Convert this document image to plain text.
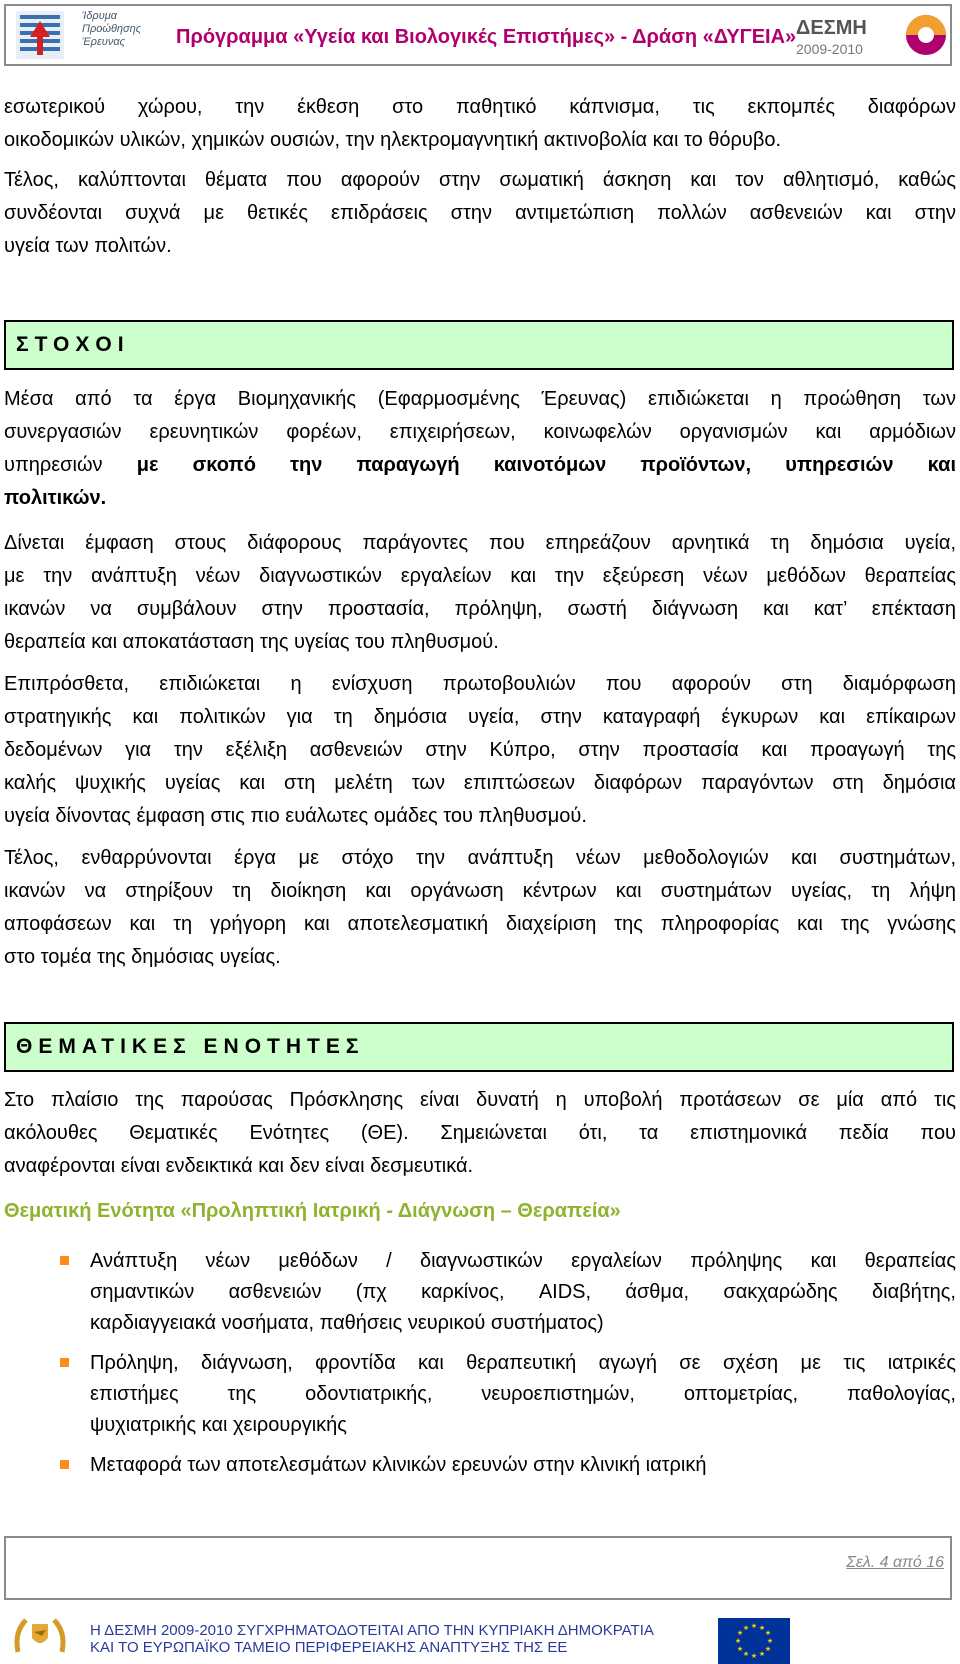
Ίδρυμα
Προώθησης
Έρευνας	Πρόγραμμα «Υγεία και Βιολογικές Επιστήμες» - Δράση «ΔΥΓΕΙΑ» ΔΕΣΜΗ
2009-2010
εσωτερικού χώρου, την έκθεση στο παθητικό κάπνισμα, τις εκπομπές διαφόρων
οικοδομικών υλικών, χημικών ουσιών, την ηλεκτρομαγνητική ακτινοβολία και το θόρυβο.
Τέλος, καλύπτονται θέματα που αφορούν στην σωματική άσκηση και τον αθλητισμό, καθώς
συνδέονται συχνά με θετικές επιδράσεις στην αντιμετώπιση πολλών ασθενειών και στην
υγεία των πολιτών.
ΣΤΟΧΟΙ
Μέσα από τα έργα Βιομηχανικής (Εφαρμοσμένης Έρευνας) επιδιώκεται η προώθηση των
συνεργασιών ερευνητικών φορέων, επιχειρήσεων, κοινωφελών οργανισμών και αρμόδιων
υπηρεσιών με σκοπό την παραγωγή καινοτόμων προϊόντων, υπηρεσιών και
πολιτικών.
Δίνεται έμφαση στους διάφορους παράγοντες που επηρεάζουν αρνητικά τη δημόσια υγεία,
με την ανάπτυξη νέων διαγνωστικών εργαλείων και την εξεύρεση νέων μεθόδων θεραπείας
ικανών να συμβάλουν στην προστασία, πρόληψη, σωστή διάγνωση και κατ’ επέκταση
θεραπεία και αποκατάσταση της υγείας του πληθυσμού.
Επιπρόσθετα, επιδιώκεται η ενίσχυση πρωτοβουλιών που αφορούν στη διαμόρφωση
στρατηγικής και πολιτικών για τη δημόσια υγεία, στην καταγραφή έγκυρων και επίκαιρων
δεδομένων για την εξέλιξη ασθενειών στην Κύπρο, στην προστασία και προαγωγή της
καλής ψυχικής υγείας και στη μελέτη των επιπτώσεων διαφόρων παραγόντων στη δημόσια
υγεία δίνοντας έμφαση στις πιο ευάλωτες ομάδες του πληθυσμού.
Τέλος, ενθαρρύνονται έργα με στόχο την ανάπτυξη νέων μεθοδολογιών και συστημάτων,
ικανών να στηρίξουν τη διοίκηση και οργάνωση κέντρων και συστημάτων υγείας, τη λήψη
αποφάσεων και τη γρήγορη και αποτελεσματική διαχείριση της πληροφορίας και της γνώσης
στο τομέα της δημόσιας υγείας.
ΘΕΜΑΤΙΚΕΣ ΕΝΟΤΗΤΕΣ
Στο πλαίσιο της παρούσας Πρόσκλησης είναι δυνατή η υποβολή προτάσεων σε μία από τις
ακόλουθες Θεματικές Ενότητες (ΘΕ). Σημειώνεται ότι, τα επιστημονικά πεδία που
αναφέρονται είναι ενδεικτικά και δεν είναι δεσμευτικά.
Θεματική Ενότητα «Προληπτική Ιατρική - Διάγνωση – Θεραπεία»
Ανάπτυξη νέων μεθόδων / διαγνωστικών εργαλείων πρόληψης και θεραπείας
σημαντικών ασθενειών (πχ καρκίνος, AIDS, άσθμα, σακχαρώδης διαβήτης,
καρδιαγγειακά νοσήματα, παθήσεις νευρικού συστήματος)
Πρόληψη, διάγνωση, φροντίδα και θεραπευτική αγωγή σε σχέση με τις ιατρικές
επιστήμες της οδοντιατρικής, νευροεπιστημών, οπτομετρίας, παθολογίας,
ψυχιατρικής και χειρουργικής
Μεταφορά των αποτελεσμάτων κλινικών ερευνών στην κλινική ιατρική
Σελ. 4 από 16
Η ΔΕΣΜΗ 2009-2010 ΣΥΓΧΡΗΜΑΤΟΔΟΤΕΙΤΑΙ ΑΠΟ ΤΗΝ ΚΥΠΡΙΑΚΗ ΔΗΜΟΚΡΑΤΙΑ
ΚΑΙ ΤΟ ΕΥΡΩΠΑΪΚΟ ΤΑΜΕΙΟ ΠΕΡΙΦΕΡΕΙΑΚΗΣ ΑΝΑΠΤΥΞΗΣ ΤΗΣ ΕΕ
★ ★
★
★
★
★
★
★
★
★
★
★
